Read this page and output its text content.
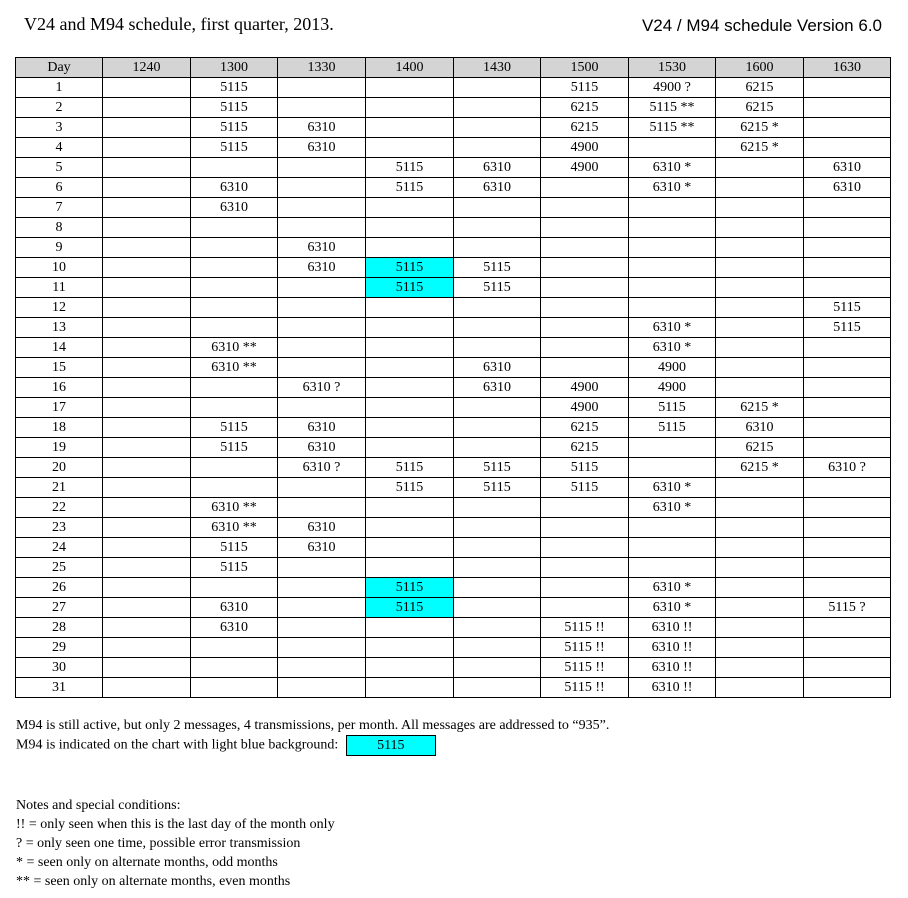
V24 and M94 schedule, first quarter, 2013.	V24 / M94 schedule Version 6.0
Day	1240	1300	1330	1400	1430	1500	1530	1600	1630
1		5115				5115	4900 ?	6215	
2		5115				6215	5115 **	6215	
3		5115	6310			6215	5115 **	6215 *	
4		5115	6310			4900		6215 *	
5				5115	6310	4900	6310 *		6310
6		6310		5115	6310		6310 *		6310
7		6310							
8									
9			6310						
10			6310	5115	5115				
11				5115	5115				
12									5115
13							6310 *		5115
14		6310 **					6310 *		
15		6310 **			6310		4900		
16			6310 ?		6310	4900	4900		
17						4900	5115	6215 *	
18		5115	6310			6215	5115	6310	
19		5115	6310			6215		6215	
20			6310 ?	5115	5115	5115		6215 *	6310 ?
21				5115	5115	5115	6310 *		
22		6310 **					6310 *		
23		6310 **	6310						
24		5115	6310						
25		5115							
26				5115			6310 *		
27		6310		5115			6310 *		5115 ?
28		6310				5115 !!	6310 !!		
29						5115 !!	6310 !!		
30						5115 !!	6310 !!		
31						5115 !!	6310 !!		
M94 is still active, but only 2 messages, 4 transmissions, per month. All messages are addressed to “935”.
M94 is indicated on the chart with light blue background:	5115
Notes and special conditions:
!! = only seen when this is the last day of the month only
? = only seen one time, possible error transmission
* = seen only on alternate months, odd months
** = seen only on alternate months, even months
